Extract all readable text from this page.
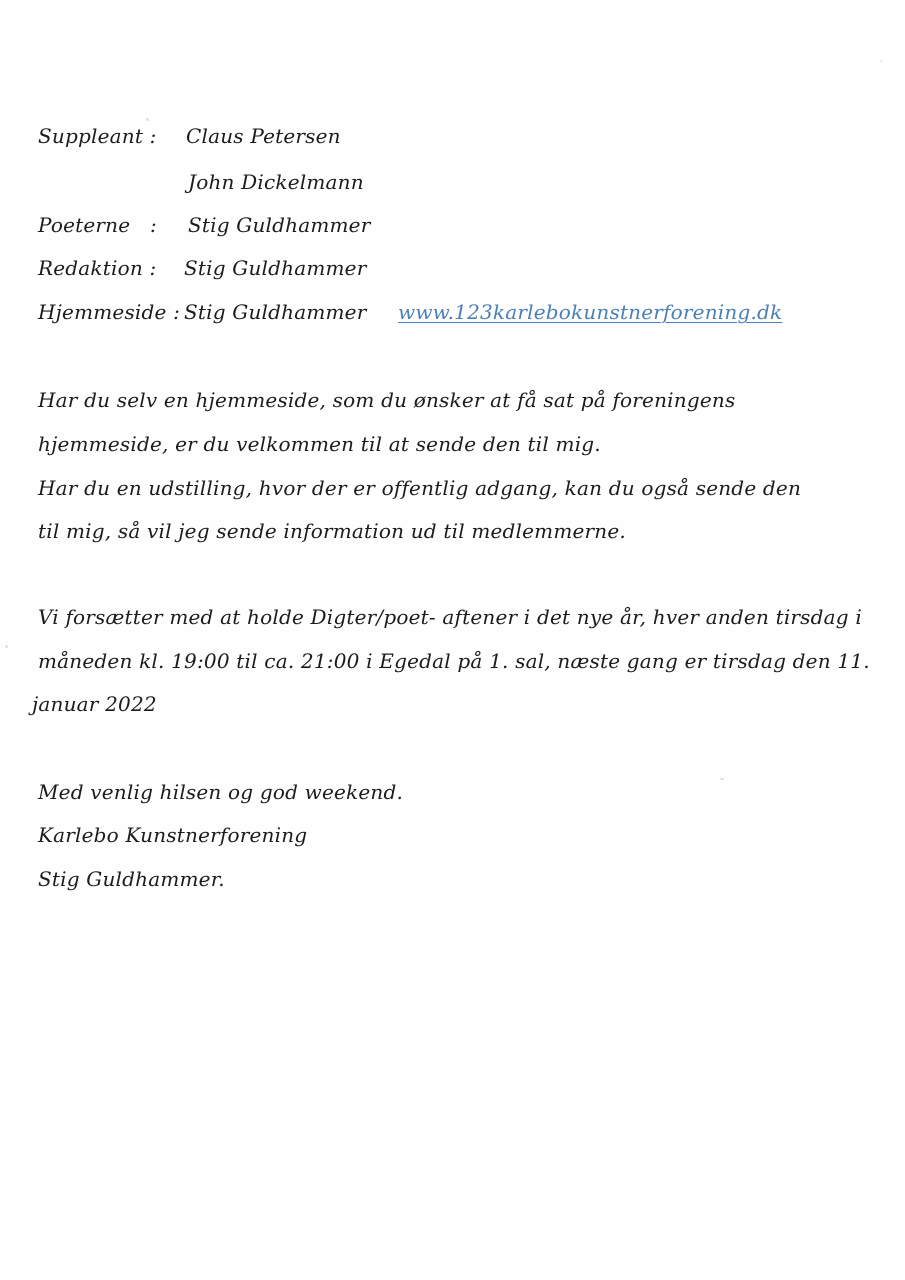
Suppleant : Claus Petersen
John Dickelmann
Poeterne   : Stig Guldhammer
Redaktion : Stig Guldhammer
Hjemmeside : Stig Guldhammer www.123karlebokunstnerforening.dk
Har du selv en hjemmeside, som du ønsker at få sat på foreningens
hjemmeside, er du velkommen til at sende den til mig.
Har du en udstilling, hvor der er offentlig adgang, kan du også sende den
til mig, så vil jeg sende information ud til medlemmerne.
Vi forsætter med at holde Digter/poet- aftener i det nye år, hver anden tirsdag i
måneden kl. 19:00 til ca. 21:00 i Egedal på 1. sal, næste gang er tirsdag den 11.
januar 2022
Med venlig hilsen og god weekend.
Karlebo Kunstnerforening
Stig Guldhammer.
